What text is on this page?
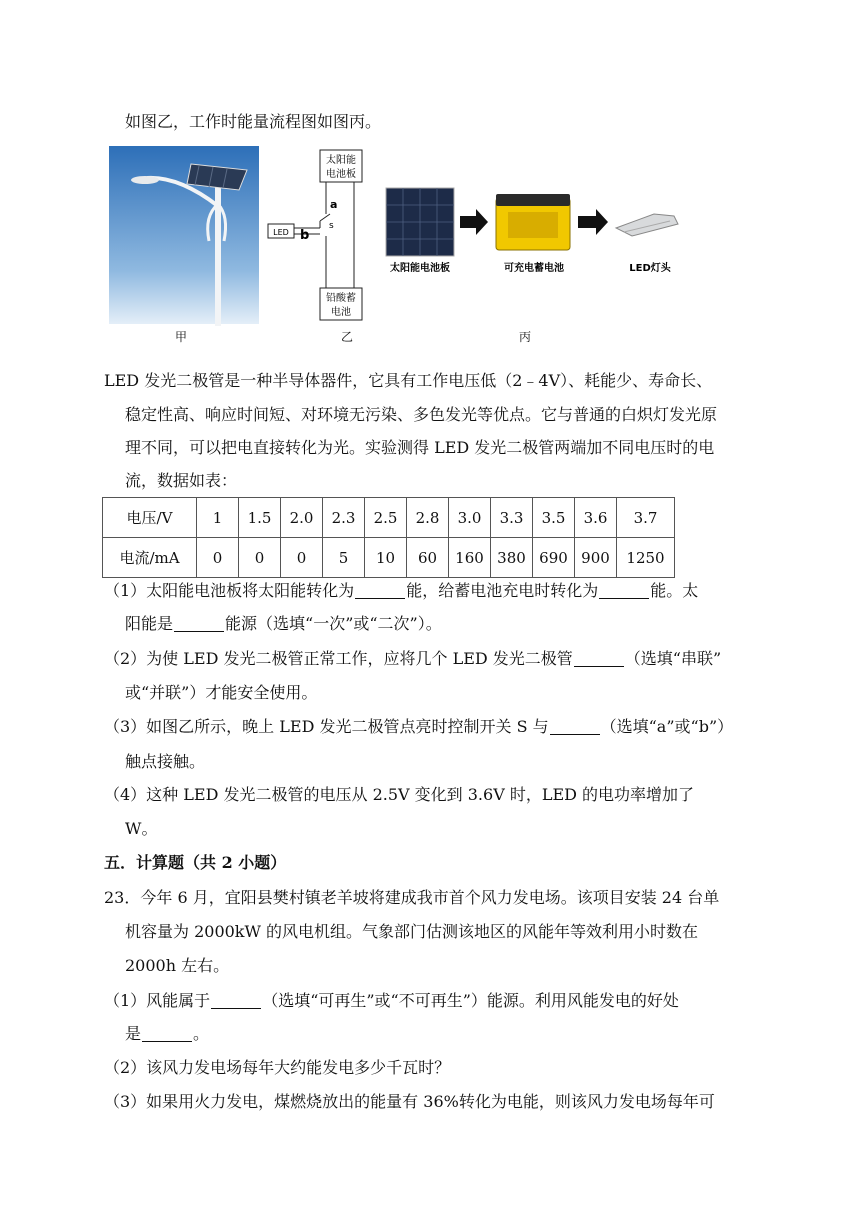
如图乙，工作时能量流程图如图丙。
甲
太阳能
电池板
铅酸蓄
电池
LED
a
b
s
乙
太阳能电池板	可充电蓄电池	LED灯头
丙
LED 发光二极管是一种半导体器件，它具有工作电压低（2﹣4V）、耗能少、寿命长、
稳定性高、响应时间短、对环境无污染、多色发光等优点。它与普通的白炽灯发光原
理不同，可以把电直接转化为光。实验测得 LED 发光二极管两端加不同电压时的电
流，数据如表：
电压/V	1	1.5	2.0	2.3	2.5	2.8	3.0	3.3	3.5	3.6	3.7
电流/mA	0	0	0	5	10	60	160	380	690	900	1250
（1）太阳能电池板将太阳能转化为	能，给蓄电池充电时转化为	能。太
阳能是	能源（选填“一次”或“二次”）。
（2）为使 LED 发光二极管正常工作，应将几个 LED 发光二极管	（选填“串联”
或“并联”）才能安全使用。
（3）如图乙所示，晚上 LED 发光二极管点亮时控制开关 S 与	（选填“a”或“b”）
触点接触。
（4）这种 LED 发光二极管的电压从 2.5V 变化到 3.6V 时，LED 的电功率增加了
W。
五．计算题（共 2 小题）
23．今年 6 月，宜阳县樊村镇老羊坡将建成我市首个风力发电场。该项目安装 24 台单
机容量为 2000kW 的风电机组。气象部门估测该地区的风能年等效利用小时数在
2000h 左右。
（1）风能属于	（选填“可再生”或“不可再生”）能源。利用风能发电的好处
是	。
（2）该风力发电场每年大约能发电多少千瓦时？
（3）如果用火力发电，煤燃烧放出的能量有 36%转化为电能，则该风力发电场每年可
